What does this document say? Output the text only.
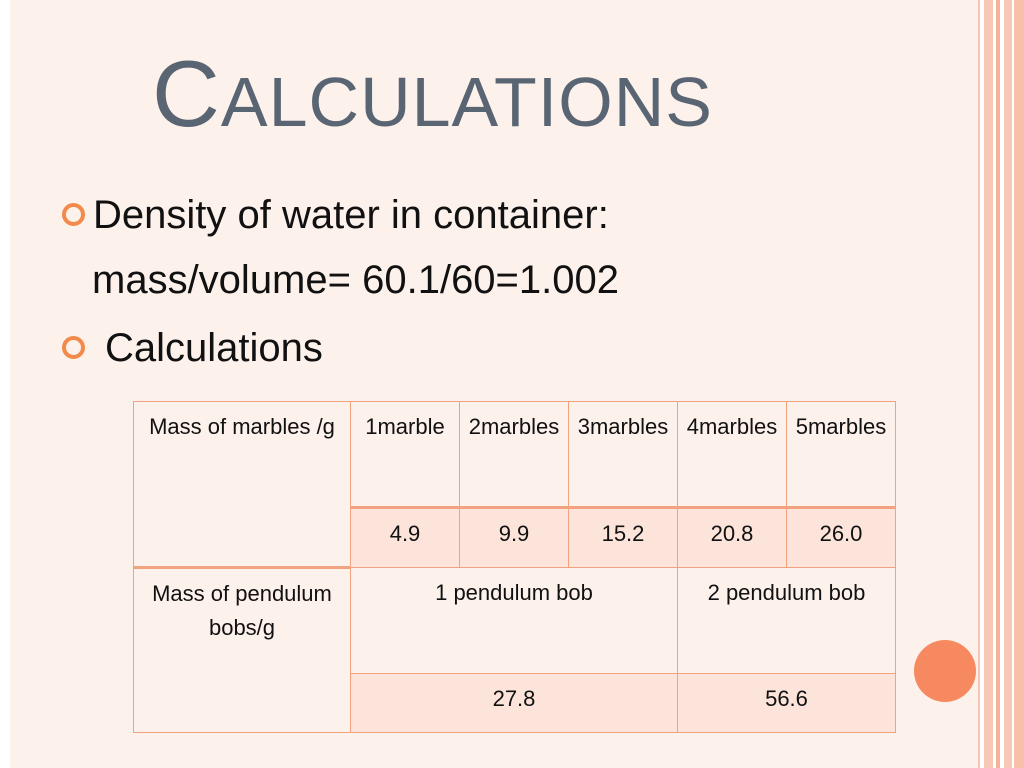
CALCULATIONS
Density of water in container:
mass/volume= 60.1/60=1.002
Calculations
Mass of marbles /g	1marble	2marbles	3marbles	4marbles	5marbles
	4.9	9.9	15.2	20.8	26.0
Mass of pendulum bobs/g	1 pendulum bob			2 pendulum bob	
	27.8			56.6	
